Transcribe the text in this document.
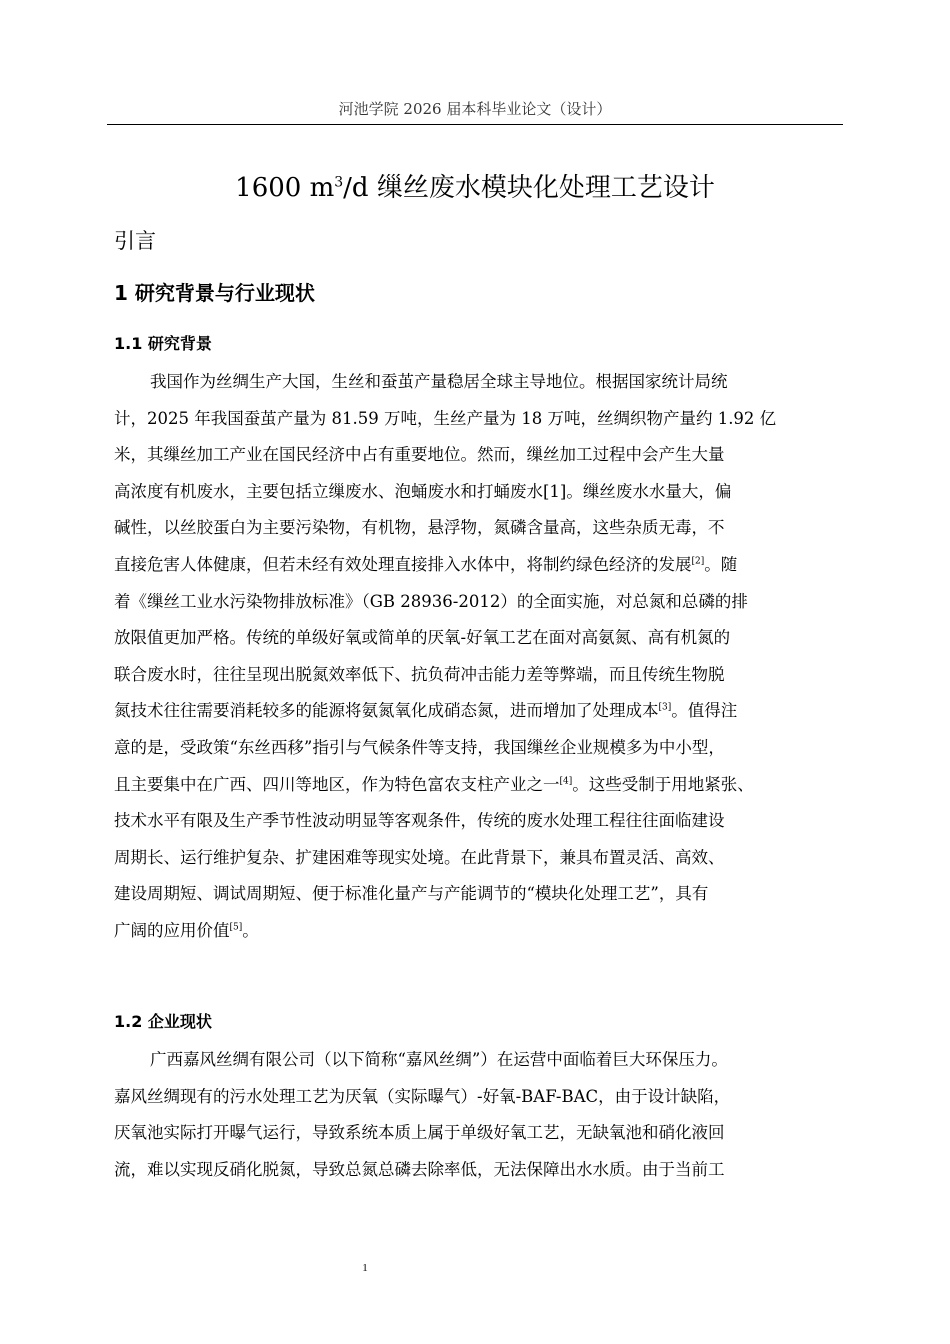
河池学院 2026 届本科毕业论文（设计）
1600 $m^3/d$ 缫丝废水模块化处理工艺设计
引言
1 研究背景与行业现状
1.1 研究背景
我国作为丝绸生产大国，生丝和蚕茧产量稳居全球主导地位。根据国家统计局统
计，2025 年我国蚕茧产量为 81.59 万吨，生丝产量为 18 万吨，丝绸织物产量约 1.92 亿
米，其缫丝加工产业在国民经济中占有重要地位。然而，缫丝加工过程中会产生大量
高浓度有机废水，主要包括立缫废水、泡蛹废水和打蛹废水[1]。缫丝废水水量大，偏
碱性，以丝胶蛋白为主要污染物，有机物，悬浮物，氮磷含量高，这些杂质无毒，不
直接危害人体健康，但若未经有效处理直接排入水体中，将制约绿色经济的发展[2]。随
着《缫丝工业水污染物排放标准》（GB 28936-2012）的全面实施，对总氮和总磷的排
放限值更加严格。传统的单级好氧或简单的厌氧-好氧工艺在面对高氨氮、高有机氮的
联合废水时，往往呈现出脱氮效率低下、抗负荷冲击能力差等弊端，而且传统生物脱
氮技术往往需要消耗较多的能源将氨氮氧化成硝态氮，进而增加了处理成本[3]。值得注
意的是，受政策“东丝西移”指引与气候条件等支持，我国缫丝企业规模多为中小型，
且主要集中在广西、四川等地区，作为特色富农支柱产业之一[4]。这些受制于用地紧张、
技术水平有限及生产季节性波动明显等客观条件，传统的废水处理工程往往面临建设
周期长、运行维护复杂、扩建困难等现实处境。在此背景下，兼具布置灵活、高效、
建设周期短、调试周期短、便于标准化量产与产能调节的“模块化处理工艺”，具有
广阔的应用价值[5]。
1.2 企业现状
广西嘉风丝绸有限公司（以下简称“嘉风丝绸”）在运营中面临着巨大环保压力。
嘉风丝绸现有的污水处理工艺为厌氧（实际曝气）-好氧-BAF-BAC，由于设计缺陷，
厌氧池实际打开曝气运行，导致系统本质上属于单级好氧工艺，无缺氧池和硝化液回
流，难以实现反硝化脱氮，导致总氮总磷去除率低，无法保障出水水质。由于当前工
1
